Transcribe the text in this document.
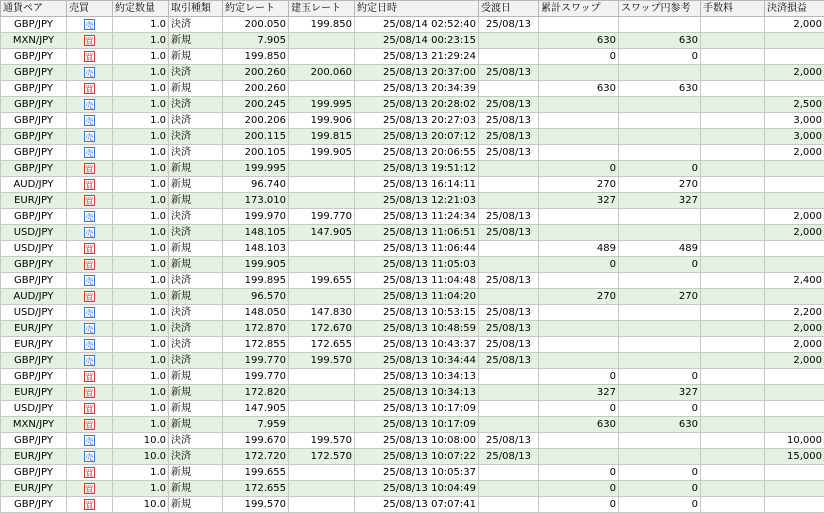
通貨ペア	売買	約定数量	取引種類	約定レート	建玉レート	約定日時	受渡日	累計スワップ	スワップ円参考	手数料	決済損益
GBP/JPY	売	1.0	決済	200.050	199.850	25/08/14 02:52:40	25/08/13				2,000
MXN/JPY	買	1.0	新規	7.905		25/08/14 00:23:15		630	630		
GBP/JPY	買	1.0	新規	199.850		25/08/13 21:29:24		0	0		
GBP/JPY	売	1.0	決済	200.260	200.060	25/08/13 20:37:00	25/08/13				2,000
GBP/JPY	買	1.0	新規	200.260		25/08/13 20:34:39		630	630		
GBP/JPY	売	1.0	決済	200.245	199.995	25/08/13 20:28:02	25/08/13				2,500
GBP/JPY	売	1.0	決済	200.206	199.906	25/08/13 20:27:03	25/08/13				3,000
GBP/JPY	売	1.0	決済	200.115	199.815	25/08/13 20:07:12	25/08/13				3,000
GBP/JPY	売	1.0	決済	200.105	199.905	25/08/13 20:06:55	25/08/13				2,000
GBP/JPY	買	1.0	新規	199.995		25/08/13 19:51:12		0	0		
AUD/JPY	買	1.0	新規	96.740		25/08/13 16:14:11		270	270		
EUR/JPY	買	1.0	新規	173.010		25/08/13 12:21:03		327	327		
GBP/JPY	売	1.0	決済	199.970	199.770	25/08/13 11:24:34	25/08/13				2,000
USD/JPY	売	1.0	決済	148.105	147.905	25/08/13 11:06:51	25/08/13				2,000
USD/JPY	買	1.0	新規	148.103		25/08/13 11:06:44		489	489		
GBP/JPY	買	1.0	新規	199.905		25/08/13 11:05:03		0	0		
GBP/JPY	売	1.0	決済	199.895	199.655	25/08/13 11:04:48	25/08/13				2,400
AUD/JPY	買	1.0	新規	96.570		25/08/13 11:04:20		270	270		
USD/JPY	売	1.0	決済	148.050	147.830	25/08/13 10:53:15	25/08/13				2,200
EUR/JPY	売	1.0	決済	172.870	172.670	25/08/13 10:48:59	25/08/13				2,000
EUR/JPY	売	1.0	決済	172.855	172.655	25/08/13 10:43:37	25/08/13				2,000
GBP/JPY	売	1.0	決済	199.770	199.570	25/08/13 10:34:44	25/08/13				2,000
GBP/JPY	買	1.0	新規	199.770		25/08/13 10:34:13		0	0		
EUR/JPY	買	1.0	新規	172.820		25/08/13 10:34:13		327	327		
USD/JPY	買	1.0	新規	147.905		25/08/13 10:17:09		0	0		
MXN/JPY	買	1.0	新規	7.959		25/08/13 10:17:09		630	630		
GBP/JPY	売	10.0	決済	199.670	199.570	25/08/13 10:08:00	25/08/13				10,000
EUR/JPY	売	10.0	決済	172.720	172.570	25/08/13 10:07:22	25/08/13				15,000
GBP/JPY	買	1.0	新規	199.655		25/08/13 10:05:37		0	0		
EUR/JPY	買	1.0	新規	172.655		25/08/13 10:04:49		0	0		
GBP/JPY	買	10.0	新規	199.570		25/08/13 07:07:41		0	0		
